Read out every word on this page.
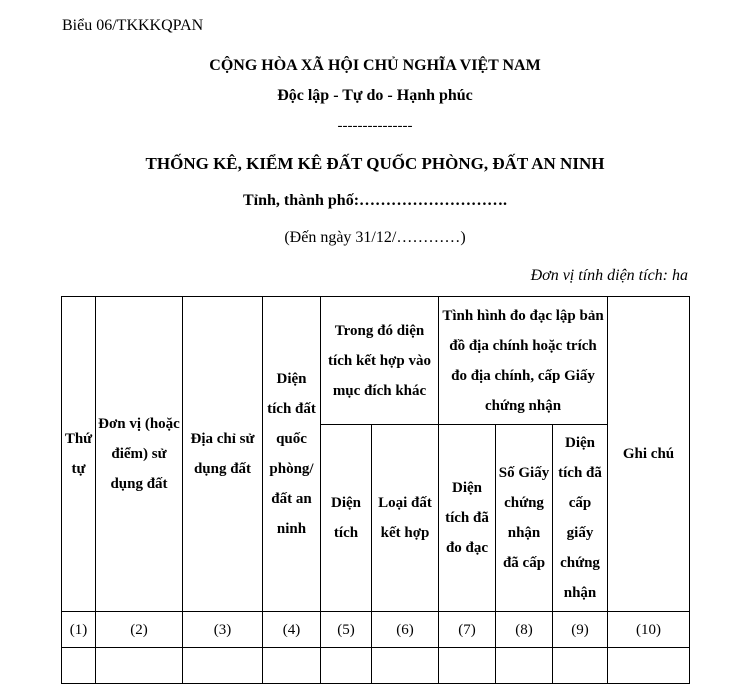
Biểu 06/TKKKQPAN
CỘNG HÒA XÃ HỘI CHỦ NGHĨA VIỆT NAM
Độc lập - Tự do - Hạnh phúc
---------------
THỐNG KÊ, KIỂM KÊ ĐẤT QUỐC PHÒNG, ĐẤT AN NINH
Tỉnh, thành phố:……………………….
(Đến ngày 31/12/…………)
Đơn vị tính diện tích: ha
Thứ tự	Đơn vị (hoặc điểm) sử dụng đất	Địa chỉ sử dụng đất	Diện tích đất quốc phòng/ đất an ninh	Trong đó diện tích kết hợp vào mục đích khác		Tình hình đo đạc lập bản đồ địa chính hoặc trích đo địa chính, cấp Giấy chứng nhận			Ghi chú
				Diện tích	Loại đất kết hợp	Diện tích đã đo đạc	Số Giấy chứng nhận đã cấp	Diện tích đã cấp giấy chứng nhận	
(1)	(2)	(3)	(4)	(5)	(6)	(7)	(8)	(9)	(10)
